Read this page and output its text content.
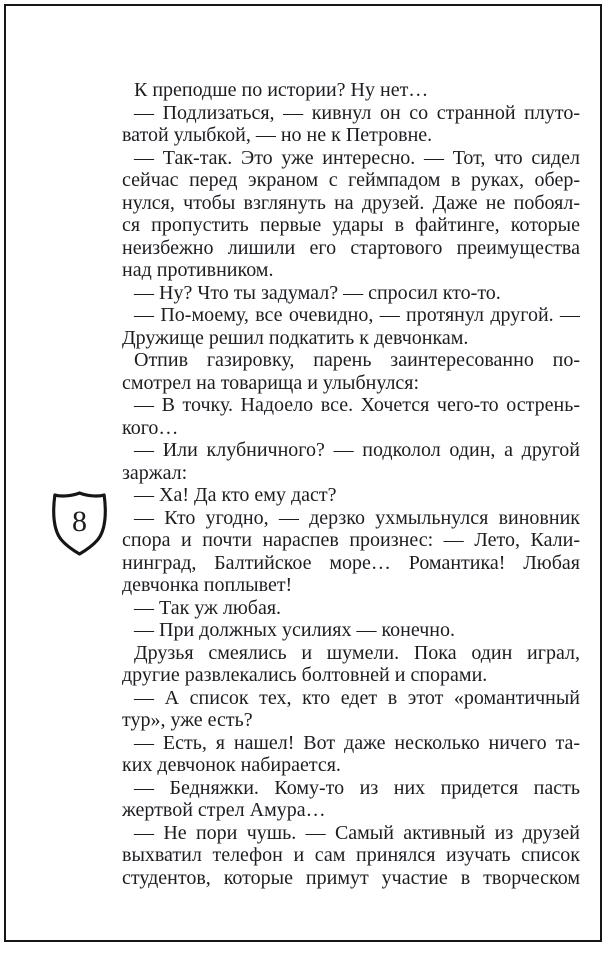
8
К преподше по истории? Ну нет…
— Подлизаться, — кивнул он со странной плуто-
ватой улыбкой, — но не к Петровне.
— Так-так. Это уже интересно. — Тот, что сидел
сейчас перед экраном с геймпадом в руках, обер-
нулся, чтобы взглянуть на друзей. Даже не побоял-
ся пропустить первые удары в файтинге, которые
неизбежно лишили его стартового преимущества
над противником.
— Ну? Что ты задумал? — спросил кто-то.
— По-моему, все очевидно, — протянул другой. —
Дружище решил подкатить к девчонкам.
Отпив газировку, парень заинтересованно по-
смотрел на товарища и улыбнулся:
— В точку. Надоело все. Хочется чего-то острень-
кого…
— Или клубничного? — подколол один, а другой
заржал:
— Ха! Да кто ему даст?
— Кто угодно, — дерзко ухмыльнулся виновник
спора и почти нараспев произнес: — Лето, Кали-
нинград, Балтийское море… Романтика! Любая
девчонка поплывет!
— Так уж любая.
— При должных усилиях — конечно.
Друзья смеялись и шумели. Пока один играл,
другие развлекались болтовней и спорами.
— А список тех, кто едет в этот «романтичный
тур», уже есть?
— Есть, я нашел! Вот даже несколько ничего та-
ких девчонок набирается.
— Бедняжки. Кому-то из них придется пасть
жертвой стрел Амура…
— Не пори чушь. — Самый активный из друзей
выхватил телефон и сам принялся изучать список
студентов, которые примут участие в творческом
